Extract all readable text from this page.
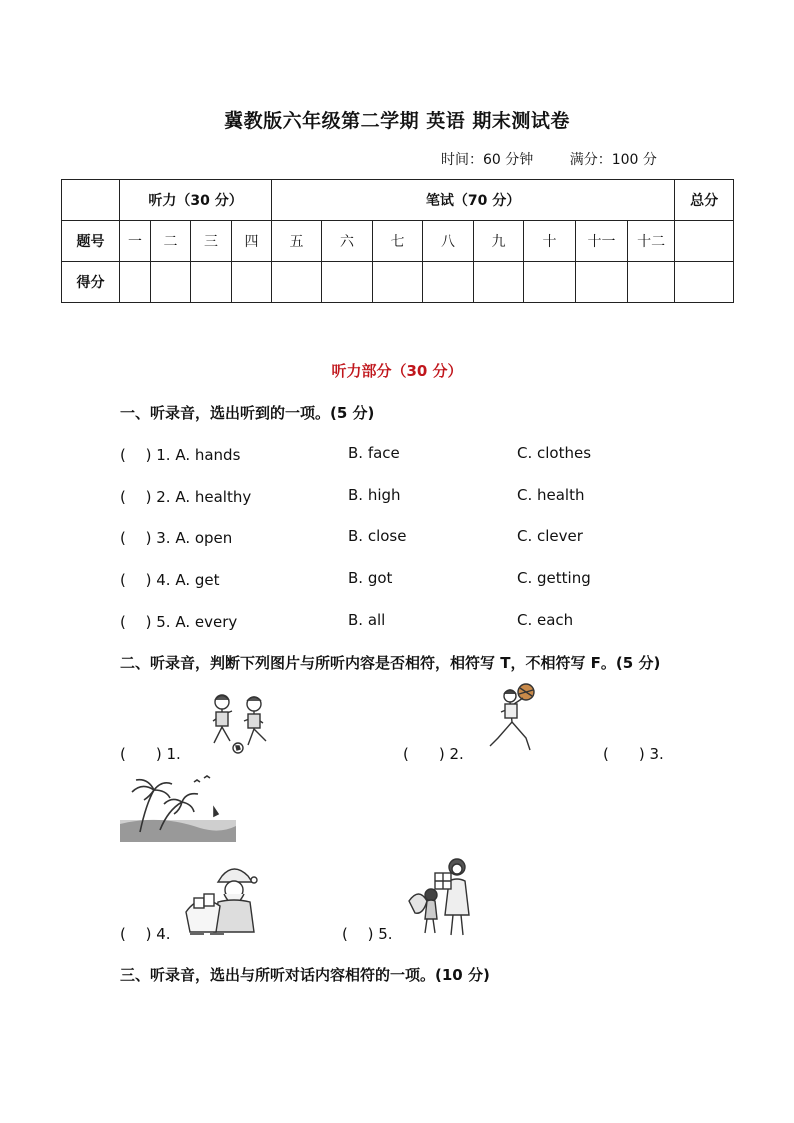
冀教版六年级第二学期 英语 期末测试卷
时间：60 分钟	满分：100 分
	听力（30 分）				笔试（70 分）								总分
题号	一	二	三	四	五	六	七	八	九	十	十一	十二	
得分													
听力部分（30 分）
一、听录音，选出听到的一项。(5 分)
(　 ) 1. A. hands	B. face	C. clothes
(　 ) 2. A. healthy	B. high	C. health
(　 ) 3. A. open	B. close	C. clever
(　 ) 4. A. get	B. got	C. getting
(　 ) 5. A. every	B. all	C. each
二、听录音，判断下列图片与所听内容是否相符，相符写 T，不相符写 F。(5 分)
(　　) 1.	(　　) 2.	(　　) 3.
(　 ) 4.	(　 ) 5.
三、听录音，选出与所听对话内容相符的一项。(10 分)
